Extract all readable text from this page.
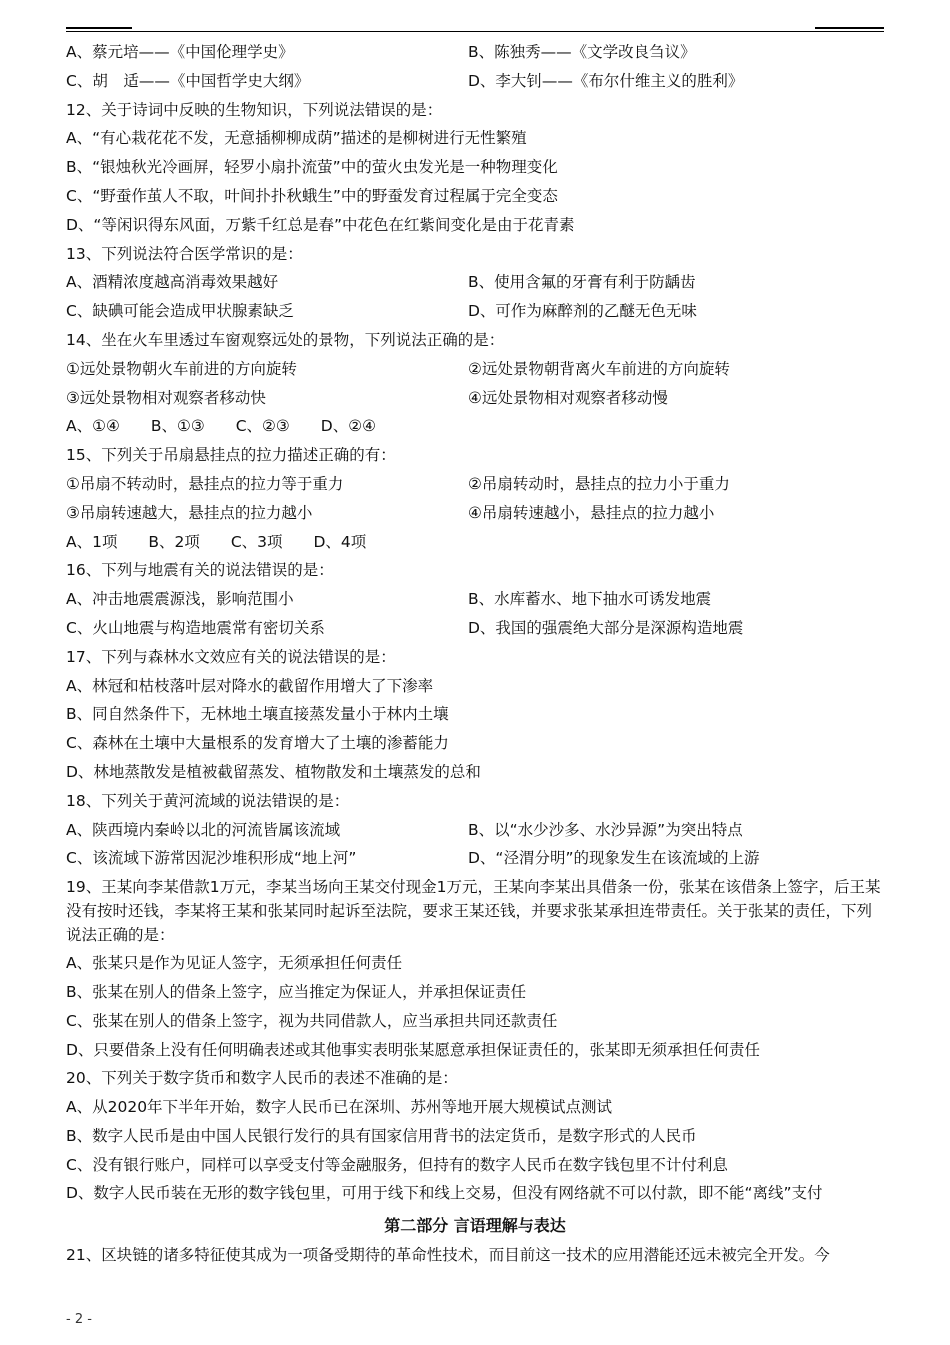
A、蔡元培——《中国伦理学史》	B、陈独秀——《文学改良刍议》
C、胡　适——《中国哲学史大纲》	D、李大钊——《布尔什维主义的胜利》
12、关于诗词中反映的生物知识，下列说法错误的是：
A、“有心栽花花不发，无意插柳柳成荫”描述的是柳树进行无性繁殖
B、“银烛秋光冷画屏，轻罗小扇扑流萤”中的萤火虫发光是一种物理变化
C、“野蚕作茧人不取，叶间扑扑秋蛾生”中的野蚕发育过程属于完全变态
D、“等闲识得东风面，万紫千红总是春”中花色在红紫间变化是由于花青素
13、下列说法符合医学常识的是：
A、酒精浓度越高消毒效果越好	B、使用含氟的牙膏有利于防龋齿
C、缺碘可能会造成甲状腺素缺乏	D、可作为麻醉剂的乙醚无色无味
14、坐在火车里透过车窗观察远处的景物，下列说法正确的是：
①远处景物朝火车前进的方向旋转	②远处景物朝背离火车前进的方向旋转
③远处景物相对观察者移动快	④远处景物相对观察者移动慢
A、①④ B、①③ C、②③ D、②④
15、下列关于吊扇悬挂点的拉力描述正确的有：
①吊扇不转动时，悬挂点的拉力等于重力	②吊扇转动时，悬挂点的拉力小于重力
③吊扇转速越大，悬挂点的拉力越小	④吊扇转速越小，悬挂点的拉力越小
A、1项 B、2项 C、3项 D、4项
16、下列与地震有关的说法错误的是：
A、冲击地震震源浅，影响范围小	B、水库蓄水、地下抽水可诱发地震
C、火山地震与构造地震常有密切关系	D、我国的强震绝大部分是深源构造地震
17、下列与森林水文效应有关的说法错误的是：
A、林冠和枯枝落叶层对降水的截留作用增大了下渗率
B、同自然条件下，无林地土壤直接蒸发量小于林内土壤
C、森林在土壤中大量根系的发育增大了土壤的渗蓄能力
D、林地蒸散发是植被截留蒸发、植物散发和土壤蒸发的总和
18、下列关于黄河流域的说法错误的是：
A、陕西境内秦岭以北的河流皆属该流域	B、以“水少沙多、水沙异源”为突出特点
C、该流域下游常因泥沙堆积形成“地上河”	D、“泾渭分明”的现象发生在该流域的上游
19、王某向李某借款1万元，李某当场向王某交付现金1万元，王某向李某出具借条一份，张某在该借条上签字，后王某没有按时还钱，李某将王某和张某同时起诉至法院，要求王某还钱，并要求张某承担连带责任。关于张某的责任，下列说法正确的是：
A、张某只是作为见证人签字，无须承担任何责任
B、张某在别人的借条上签字，应当推定为保证人，并承担保证责任
C、张某在别人的借条上签字，视为共同借款人，应当承担共同还款责任
D、只要借条上没有任何明确表述或其他事实表明张某愿意承担保证责任的，张某即无须承担任何责任
20、下列关于数字货币和数字人民币的表述不准确的是：
A、从2020年下半年开始，数字人民币已在深圳、苏州等地开展大规模试点测试
B、数字人民币是由中国人民银行发行的具有国家信用背书的法定货币，是数字形式的人民币
C、没有银行账户，同样可以享受支付等金融服务，但持有的数字人民币在数字钱包里不计付利息
D、数字人民币装在无形的数字钱包里，可用于线下和线上交易，但没有网络就不可以付款，即不能“离线”支付
第二部分 言语理解与表达
21、区块链的诸多特征使其成为一项备受期待的革命性技术，而目前这一技术的应用潜能还远未被完全开发。今
- 2 -
